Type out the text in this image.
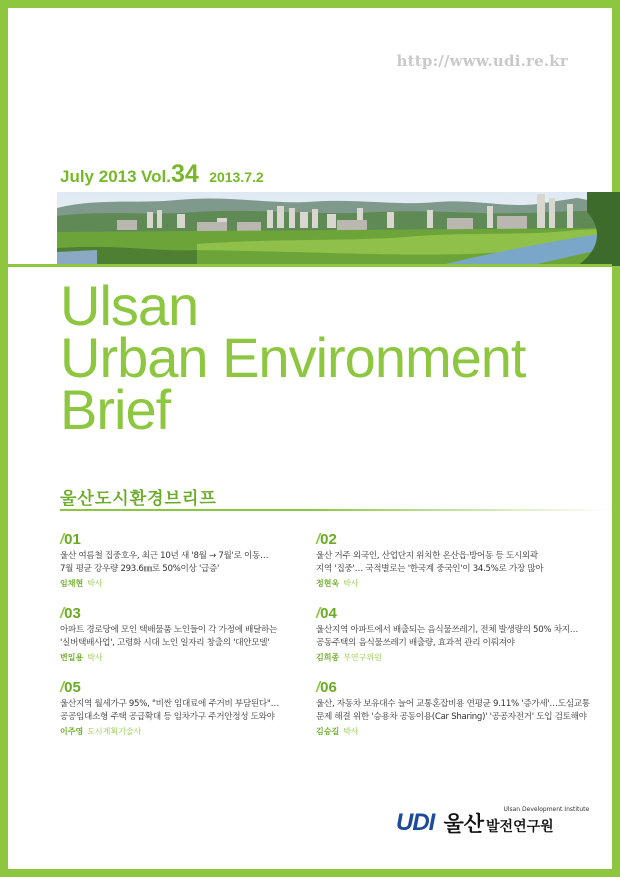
http://www.udi.re.kr
July 2013 Vol.34 2013.7.2
Ulsan
Urban Environment
Brief
울산도시환경브리프
/01
울산 여름철 집중호우, 최근 10년 새 '8월 → 7월'로 이동…
7월 평균 강우량 293.6㎜로 50%이상 '급증'
임채현 박사
/02
울산 거주 외국인, 산업단지 위치한 온산읍·방어동 등 도시외곽
지역 '집중'… 국적별로는 '한국계 중국인'이 34.5%로 가장 많아
정현욱 박사
/03
아파트 경로당에 모인 택배물품 노인들이 각 가정에 배달하는
'실버택배사업', 고령화 시대 노인 일자리 창출의 '대안모델'
변일용 박사
/04
울산지역 아파트에서 배출되는 음식물쓰레기, 전체 발생량의 50% 차지…
공동주택의 음식물쓰레기 배출량, 효과적 관리 이뤄져야
김희종 부연구위원
/05
울산지역 월세가구 95%, "비싼 임대료에 주거비 부담된다"…
공공임대소형 주택 공급확대 등 임차가구 주거안정성 도와야
이주영 도시계획기술사
/06
울산, 자동차 보유대수 늘어 교통혼잡비용 연평균 9.11% '증가세'…도심교통
문제 해결 위한 '승용차 공동이용(Car Sharing)' '공공자전거' 도입 검토해야
김승길 박사
UDI	Ulsan Development Institute
울산 발전연구원
